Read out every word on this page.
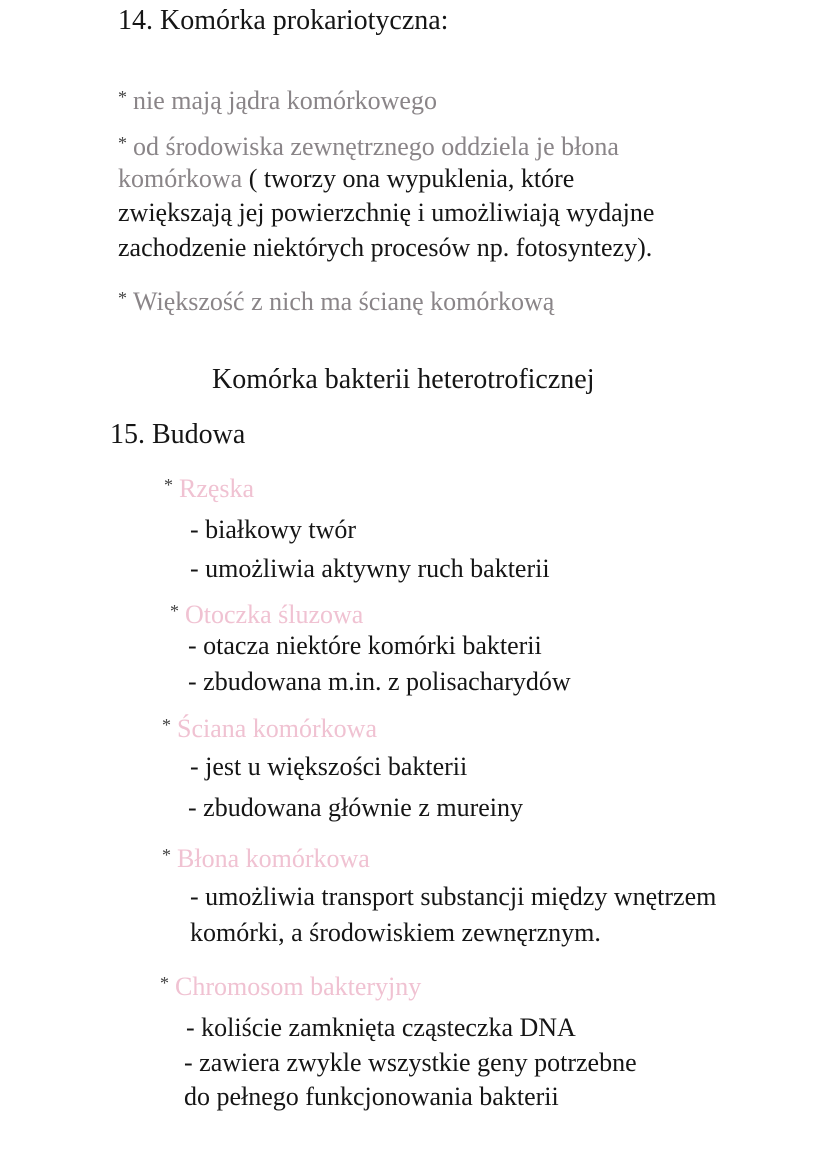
14. Komórka prokariotyczna:
* nie mają jądra komórkowego
* od środowiska zewnętrznego oddziela je błona
komórkowa ( tworzy ona wypuklenia, które
zwiększają jej powierzchnię i umożliwiają wydajne
zachodzenie niektórych procesów np. fotosyntezy).
* Większość z nich ma ścianę komórkową
Komórka bakterii heterotroficznej
15. Budowa
* Rzęska
- białkowy twór
- umożliwia aktywny ruch bakterii
* Otoczka śluzowa
- otacza niektóre komórki bakterii
- zbudowana m.in. z polisacharydów
* Ściana komórkowa
- jest u większości bakterii
- zbudowana głównie z mureiny
* Błona komórkowa
- umożliwia transport substancji między wnętrzem
komórki, a środowiskiem zewnęrznym.
* Chromosom bakteryjny
- koliście zamknięta cząsteczka DNA
- zawiera zwykle wszystkie geny potrzebne
do pełnego funkcjonowania bakterii
